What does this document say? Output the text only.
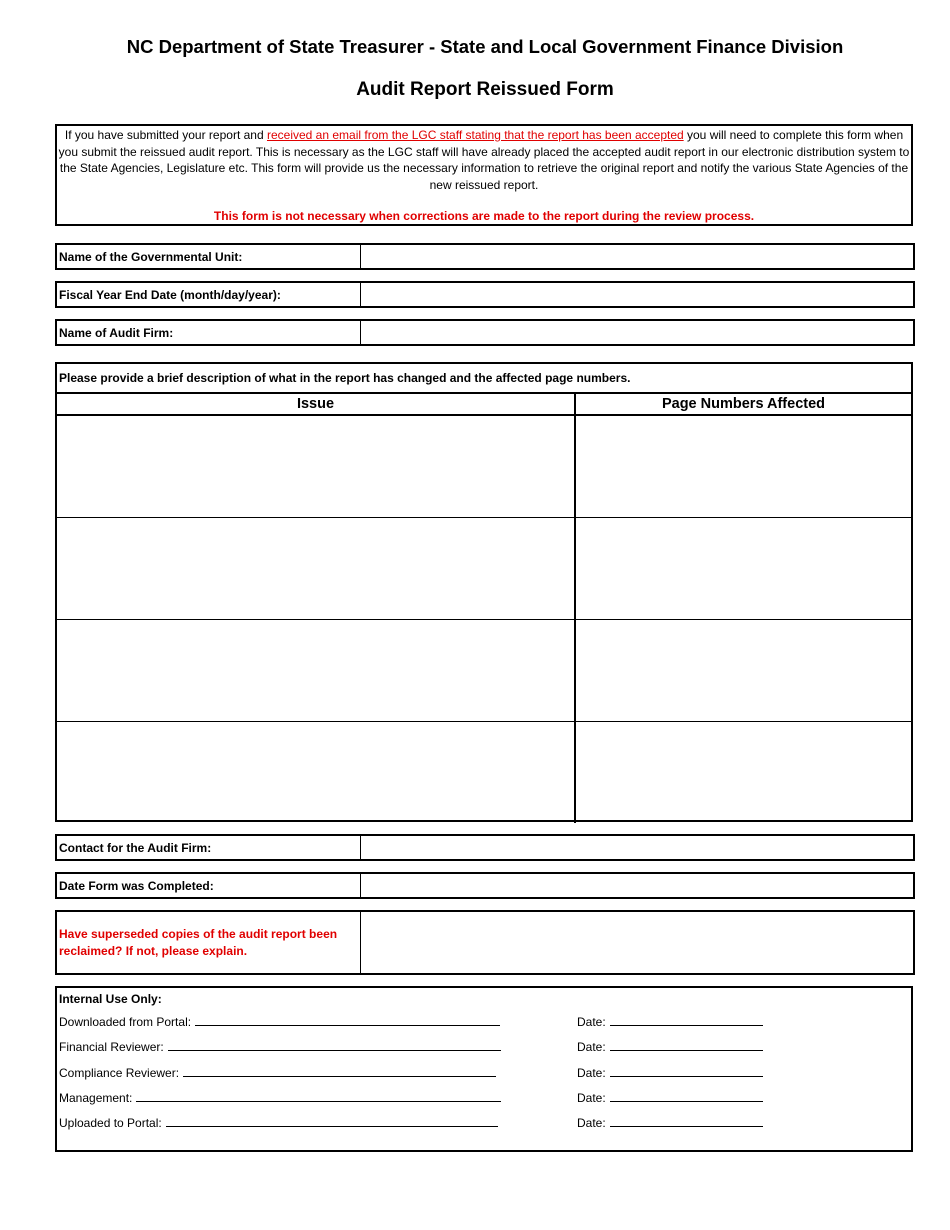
NC Department of State Treasurer - State and Local Government Finance Division
Audit Report Reissued Form
If you have submitted your report and received an email from the LGC staff stating that the report has been accepted you will need to complete this form when you submit the reissued audit report. This is necessary as the LGC staff will have already placed the accepted audit report in our electronic distribution system to the State Agencies, Legislature etc. This form will provide us the necessary information to retrieve the original report and notify the various State Agencies of the new reissued report.
This form is not necessary when corrections are made to the report during the review process.
Name of the Governmental Unit:
Fiscal Year End Date (month/day/year):
Name of Audit Firm:
Please provide a brief description of what in the report has changed and the affected page numbers.
Issue	Page Numbers Affected

Contact for the Audit Firm:
Date Form was Completed:
Have superseded copies of the audit report been reclaimed? If not, please explain.
Internal Use Only:
Downloaded from Portal:	Date:
Financial Reviewer:	Date:
Compliance Reviewer:	Date:
Management:	Date:
Uploaded to Portal:	Date:
